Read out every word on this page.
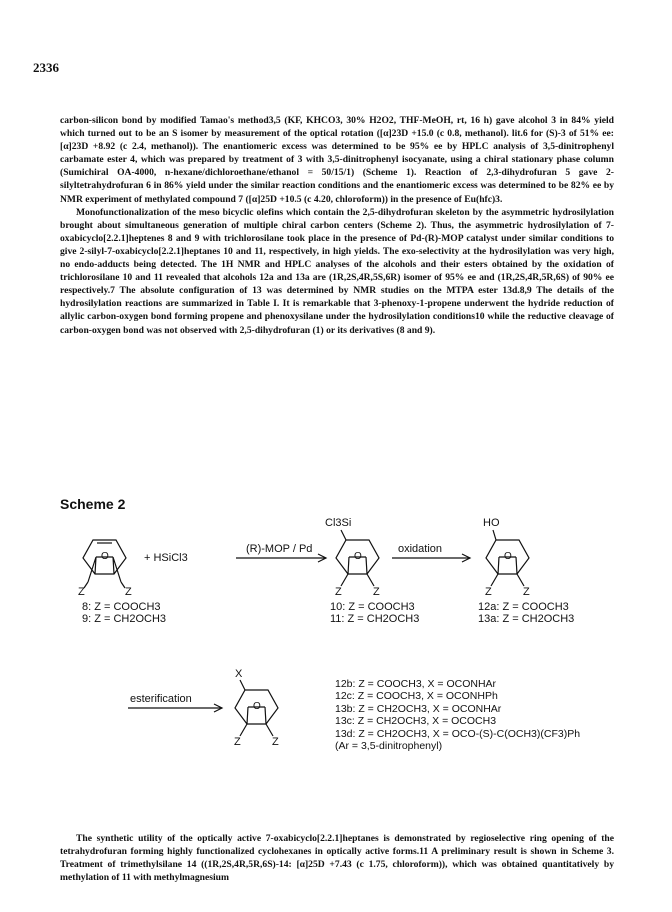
2336

carbon-silicon bond by modified Tamao's method3,5 (KF, KHCO3, 30% H2O2, THF-MeOH, rt, 16 h) gave alcohol 3 in 84% yield which turned out to be an S isomer by measurement of the optical rotation ([α]23D +15.0 (c 0.8, methanol). lit.6 for (S)-3 of 51% ee: [α]23D +8.92 (c 2.4, methanol)). The enantiomeric excess was determined to be 95% ee by HPLC analysis of 3,5-dinitrophenyl carbamate ester 4, which was prepared by treatment of 3 with 3,5-dinitrophenyl isocyanate, using a chiral stationary phase column (Sumichiral OA-4000, n-hexane/dichloroethane/ethanol = 50/15/1) (Scheme 1). Reaction of 2,3-dihydrofuran 5 gave 2-silyltetrahydrofuran 6 in 86% yield under the similar reaction conditions and the enantiomeric excess was determined to be 82% ee by NMR experiment of methylated compound 7 ([α]25D +10.5 (c 4.20, chloroform)) in the presence of Eu(hfc)3.

Monofunctionalization of the meso bicyclic olefins which contain the 2,5-dihydrofuran skeleton by the asymmetric hydrosilylation brought about simultaneous generation of multiple chiral carbon centers (Scheme 2). Thus, the asymmetric hydrosilylation of 7-oxabicyclo[2.2.1]heptenes 8 and 9 with trichlorosilane took place in the presence of Pd-(R)-MOP catalyst under similar conditions to give 2-silyl-7-oxabicyclo[2.2.1]heptanes 10 and 11, respectively, in high yields. The exo-selectivity at the hydrosilylation was very high, no endo-adducts being detected. The 1H NMR and HPLC analyses of the alcohols and their esters obtained by the oxidation of trichlorosilane 10 and 11 revealed that alcohols 12a and 13a are (1R,2S,4R,5S,6R) isomer of 95% ee and (1R,2S,4R,5R,6S) of 90% ee respectively.7 The absolute configuration of 13 was determined by NMR studies on the MTPA ester 13d.8,9 The details of the hydrosilylation reactions are summarized in Table I. It is remarkable that 3-phenoxy-1-propene underwent the hydride reduction of allylic carbon-oxygen bond forming propene and phenoxysilane under the hydrosilylation conditions10 while the reductive cleavage of carbon-oxygen bond was not observed with 2,5-dihydrofuran (1) or its derivatives (8 and 9).

Scheme 2
O	O	O
O
Z	Z	Z	Z	Z	Z
Z	Z
Cl3Si	HO
X
+ HSiCl3
(R)-MOP / Pd	oxidation
esterification
8: Z = COOCH3
9: Z = CH2OCH3
10: Z = COOCH3
11: Z = CH2OCH3
12a: Z = COOCH3
13a: Z = CH2OCH3
12b: Z = COOCH3, X = OCONHAr
12c: Z = COOCH3, X = OCONHPh
13b: Z = CH2OCH3, X = OCONHAr
13c: Z = CH2OCH3, X = OCOCH3
13d: Z = CH2OCH3, X = OCO-(S)-C(OCH3)(CF3)Ph
(Ar = 3,5-dinitrophenyl)

The synthetic utility of the optically active 7-oxabicyclo[2.2.1]heptanes is demonstrated by regioselective ring opening of the tetrahydrofuran forming highly functionalized cyclohexanes in optically active forms.11 A preliminary result is shown in Scheme 3. Treatment of trimethylsilane 14 ((1R,2S,4R,5R,6S)-14: [α]25D +7.43 (c 1.75, chloroform)), which was obtained quantitatively by methylation of 11 with methylmagnesium
